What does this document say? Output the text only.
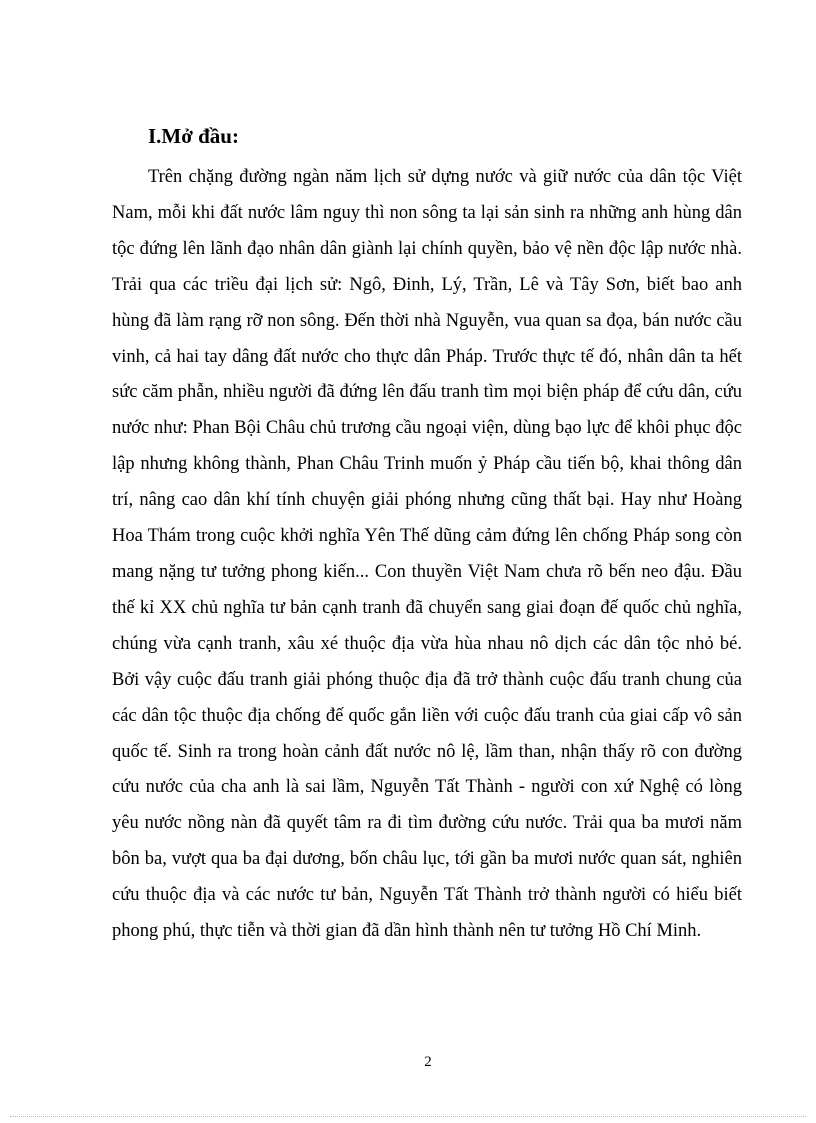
I.Mở đầu:

Trên chặng đường ngàn năm lịch sử dựng nước và giữ nước của dân tộc Việt Nam, mỗi khi đất nước lâm nguy thì non sông ta lại sản sinh ra những anh hùng dân tộc đứng lên lãnh đạo nhân dân giành lại chính quyền, bảo vệ nền độc lập nước nhà. Trải qua các triều đại lịch sử: Ngô, Đinh, Lý, Trần, Lê và Tây Sơn, biết bao anh hùng đã làm rạng rỡ non sông. Đến thời nhà Nguyễn, vua quan sa đọa, bán nước cầu vinh, cả hai tay dâng đất nước cho thực dân Pháp. Trước thực tế đó, nhân dân ta hết sức căm phẫn, nhiều người đã đứng lên đấu tranh tìm mọi biện pháp để cứu dân, cứu nước như: Phan Bội Châu chủ trương cầu ngoại viện, dùng bạo lực để khôi phục độc lập nhưng không thành, Phan Châu Trinh muốn ỷ Pháp cầu tiến bộ, khai thông dân trí, nâng cao dân khí tính chuyện giải phóng nhưng cũng thất bại. Hay như Hoàng Hoa Thám trong cuộc khởi nghĩa Yên Thế dũng cảm đứng lên chống Pháp song còn mang nặng tư tưởng phong kiến... Con thuyền Việt Nam chưa rõ bến neo đậu. Đầu thế kỉ XX chủ nghĩa tư bản cạnh tranh đã chuyển sang giai đoạn đế quốc chủ nghĩa, chúng vừa cạnh tranh, xâu xé thuộc địa vừa hùa nhau nô dịch các dân tộc nhỏ bé. Bởi vậy cuộc đấu tranh giải phóng thuộc địa đã trở thành cuộc đấu tranh chung của các dân tộc thuộc địa chống đế quốc gắn liền với cuộc đấu tranh của giai cấp vô sản quốc tế. Sinh ra trong hoàn cảnh đất nước nô lệ, lầm than, nhận thấy rõ con đường cứu nước của cha anh là sai lầm, Nguyễn Tất Thành - người con xứ Nghệ có lòng yêu nước nồng nàn đã quyết tâm ra đi tìm đường cứu nước. Trải qua ba mươi năm bôn ba, vượt qua ba đại dương, bốn châu lục, tới gần ba mươi nước quan sát, nghiên cứu thuộc địa và các nước tư bản, Nguyễn Tất Thành trở thành người có hiểu biết phong phú, thực tiễn và thời gian đã dần hình thành nên tư tưởng Hồ Chí Minh.

2
